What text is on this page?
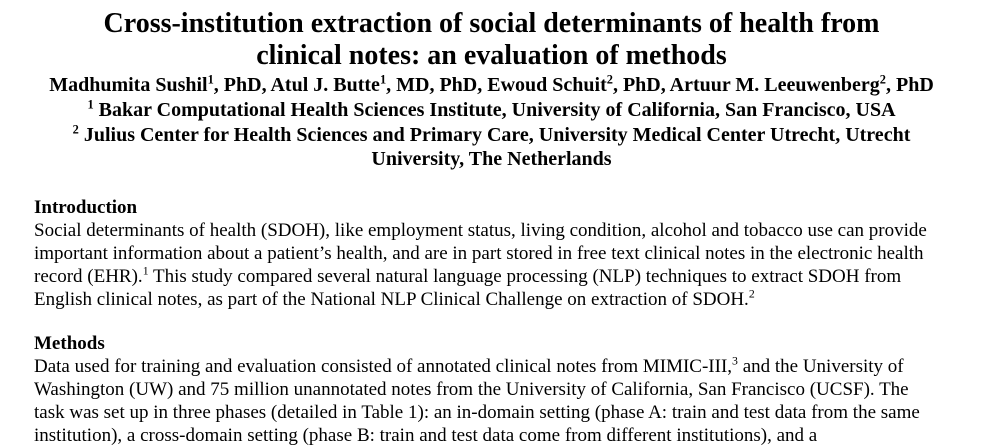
Cross-institution extraction of social determinants of health from
clinical notes: an evaluation of methods
Madhumita Sushil$^1$, PhD, Atul J. Butte$^1$, MD, PhD, Ewoud Schuit$^2$, PhD, Artuur M. Leeuwenberg$^2$, PhD
$^1$ Bakar Computational Health Sciences Institute, University of California, San Francisco, USA
$^2$ Julius Center for Health Sciences and Primary Care, University Medical Center Utrecht, Utrecht
University, The Netherlands
Introduction
Social determinants of health (SDOH), like employment status, living condition, alcohol and tobacco use can provide
important information about a patient’s health, and are in part stored in free text clinical notes in the electronic health
record (EHR).$^1$ This study compared several natural language processing (NLP) techniques to extract SDOH from
English clinical notes, as part of the National NLP Clinical Challenge on extraction of SDOH.$^2$
Methods
Data used for training and evaluation consisted of annotated clinical notes from MIMIC-III,$^3$ and the University of
Washington (UW) and 75 million unannotated notes from the University of California, San Francisco (UCSF). The
task was set up in three phases (detailed in Table 1): an in-domain setting (phase A: train and test data from the same
institution), a cross-domain setting (phase B: train and test data come from different institutions), and a
